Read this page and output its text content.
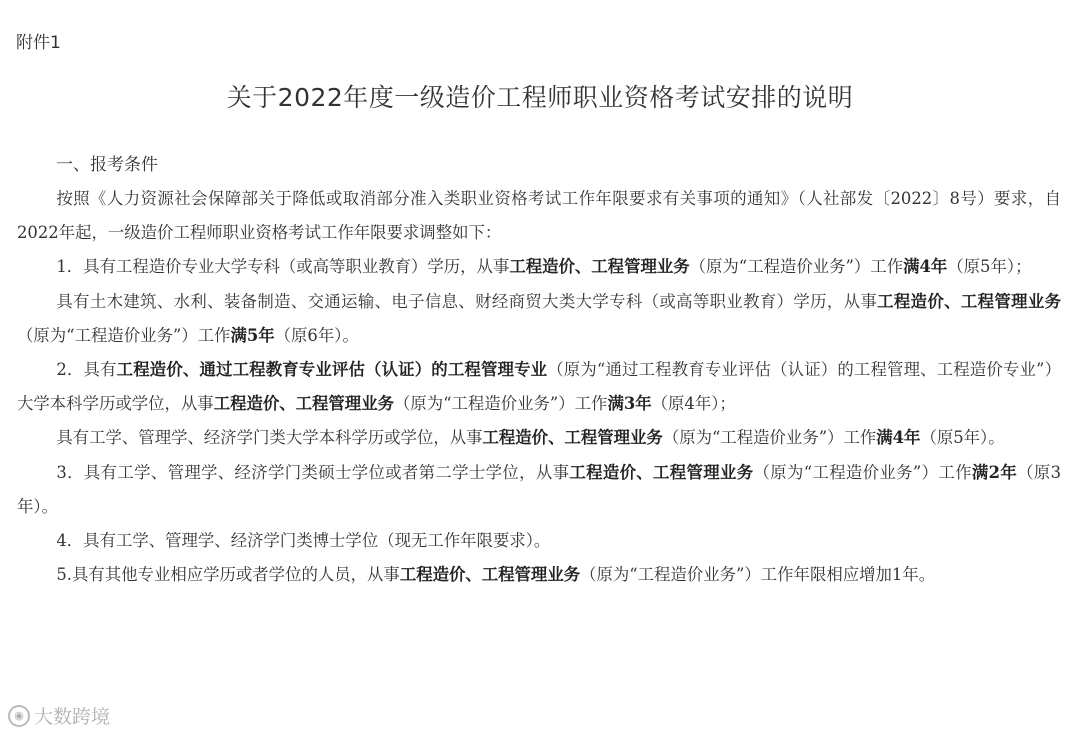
附件1
关于2022年度一级造价工程师职业资格考试安排的说明
一、报考条件

按照《人力资源社会保障部关于降低或取消部分准入类职业资格考试工作年限要求有关事项的通知》（人社部发〔2022〕8号）要求，自2022年起，一级造价工程师职业资格考试工作年限要求调整如下：

1．具有工程造价专业大学专科（或高等职业教育）学历，从事工程造价、工程管理业务（原为“工程造价业务”）工作满4年（原5年）；

具有土木建筑、水利、装备制造、交通运输、电子信息、财经商贸大类大学专科（或高等职业教育）学历，从事工程造价、工程管理业务（原为“工程造价业务”）工作满5年（原6年）。

2．具有工程造价、通过工程教育专业评估（认证）的工程管理专业（原为“通过工程教育专业评估（认证）的工程管理、工程造价专业”）大学本科学历或学位，从事工程造价、工程管理业务（原为“工程造价业务”）工作满3年（原4年）；

具有工学、管理学、经济学门类大学本科学历或学位，从事工程造价、工程管理业务（原为“工程造价业务”）工作满4年（原5年）。

3．具有工学、管理学、经济学门类硕士学位或者第二学士学位，从事工程造价、工程管理业务（原为“工程造价业务”）工作满2年（原3年）。

4．具有工学、管理学、经济学门类博士学位（现无工作年限要求）。

5.具有其他专业相应学历或者学位的人员，从事工程造价、工程管理业务（原为“工程造价业务”）工作年限相应增加1年。

◉ 大数跨境
